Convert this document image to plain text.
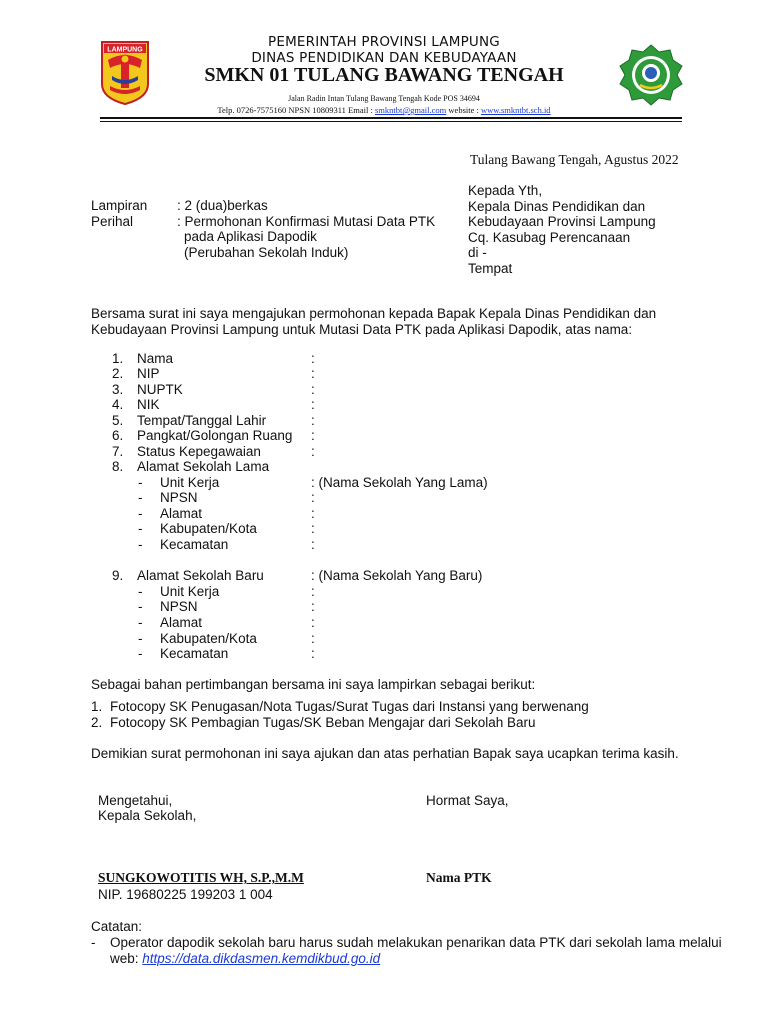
LAMPUNG	PEMERINTAH PROVINSI LAMPUNG
DINAS PENDIDIKAN DAN KEBUDAYAAN
SMKN 01 TULANG BAWANG TENGAH
Jalan Radin Intan Tulang Bawang Tengah Kode POS 34694
Telp. 0726-7575160 NPSN 10809311 Email : smkntbt@gmail.com website : www.smkntbt.sch.id
Tulang Bawang Tengah, Agustus 2022
Kepada Yth,
Kepala Dinas Pendidikan dan
Kebudayaan Provinsi Lampung
Cq. Kasubag Perencanaan
di -
Tempat
Lampiran : 2 (dua)berkas
Perihal	: Permohonan Konfirmasi Mutasi Data PTK
pada Aplikasi Dapodik
(Perubahan Sekolah Induk)
Bersama surat ini saya mengajukan permohonan kepada Bapak Kepala Dinas Pendidikan dan
Kebudayaan Provinsi Lampung untuk Mutasi Data PTK pada Aplikasi Dapodik, atas nama:
1. Nama	:
2. NIP	:
3. NUPTK	:
4. NIK	:
5. Tempat/Tanggal Lahir	:
6. Pangkat/Golongan Ruang :
7. Status Kepegawaian	:
8. Alamat Sekolah Lama
- Unit Kerja	: (Nama Sekolah Yang Lama)
- NPSN	:
- Alamat	:
- Kabupaten/Kota	:
- Kecamatan	:
9. Alamat Sekolah Baru	: (Nama Sekolah Yang Baru)
- Unit Kerja	:
- NPSN	:
- Alamat	:
- Kabupaten/Kota	:
- Kecamatan	:
Sebagai bahan pertimbangan bersama ini saya lampirkan sebagai berikut:
1. Fotocopy SK Penugasan/Nota Tugas/Surat Tugas dari Instansi yang berwenang
2. Fotocopy SK Pembagian Tugas/SK Beban Mengajar dari Sekolah Baru
Demikian surat permohonan ini saya ajukan dan atas perhatian Bapak saya ucapkan terima kasih.
Mengetahui,
Kepala Sekolah,
Hormat Saya,
SUNGKOWOTITIS WH, S.P.,M.M
NIP. 19680225 199203 1 004
Nama PTK
Catatan:
- Operator dapodik sekolah baru harus sudah melakukan penarikan data PTK dari sekolah lama melalui
web: https://data.dikdasmen.kemdikbud.go.id
